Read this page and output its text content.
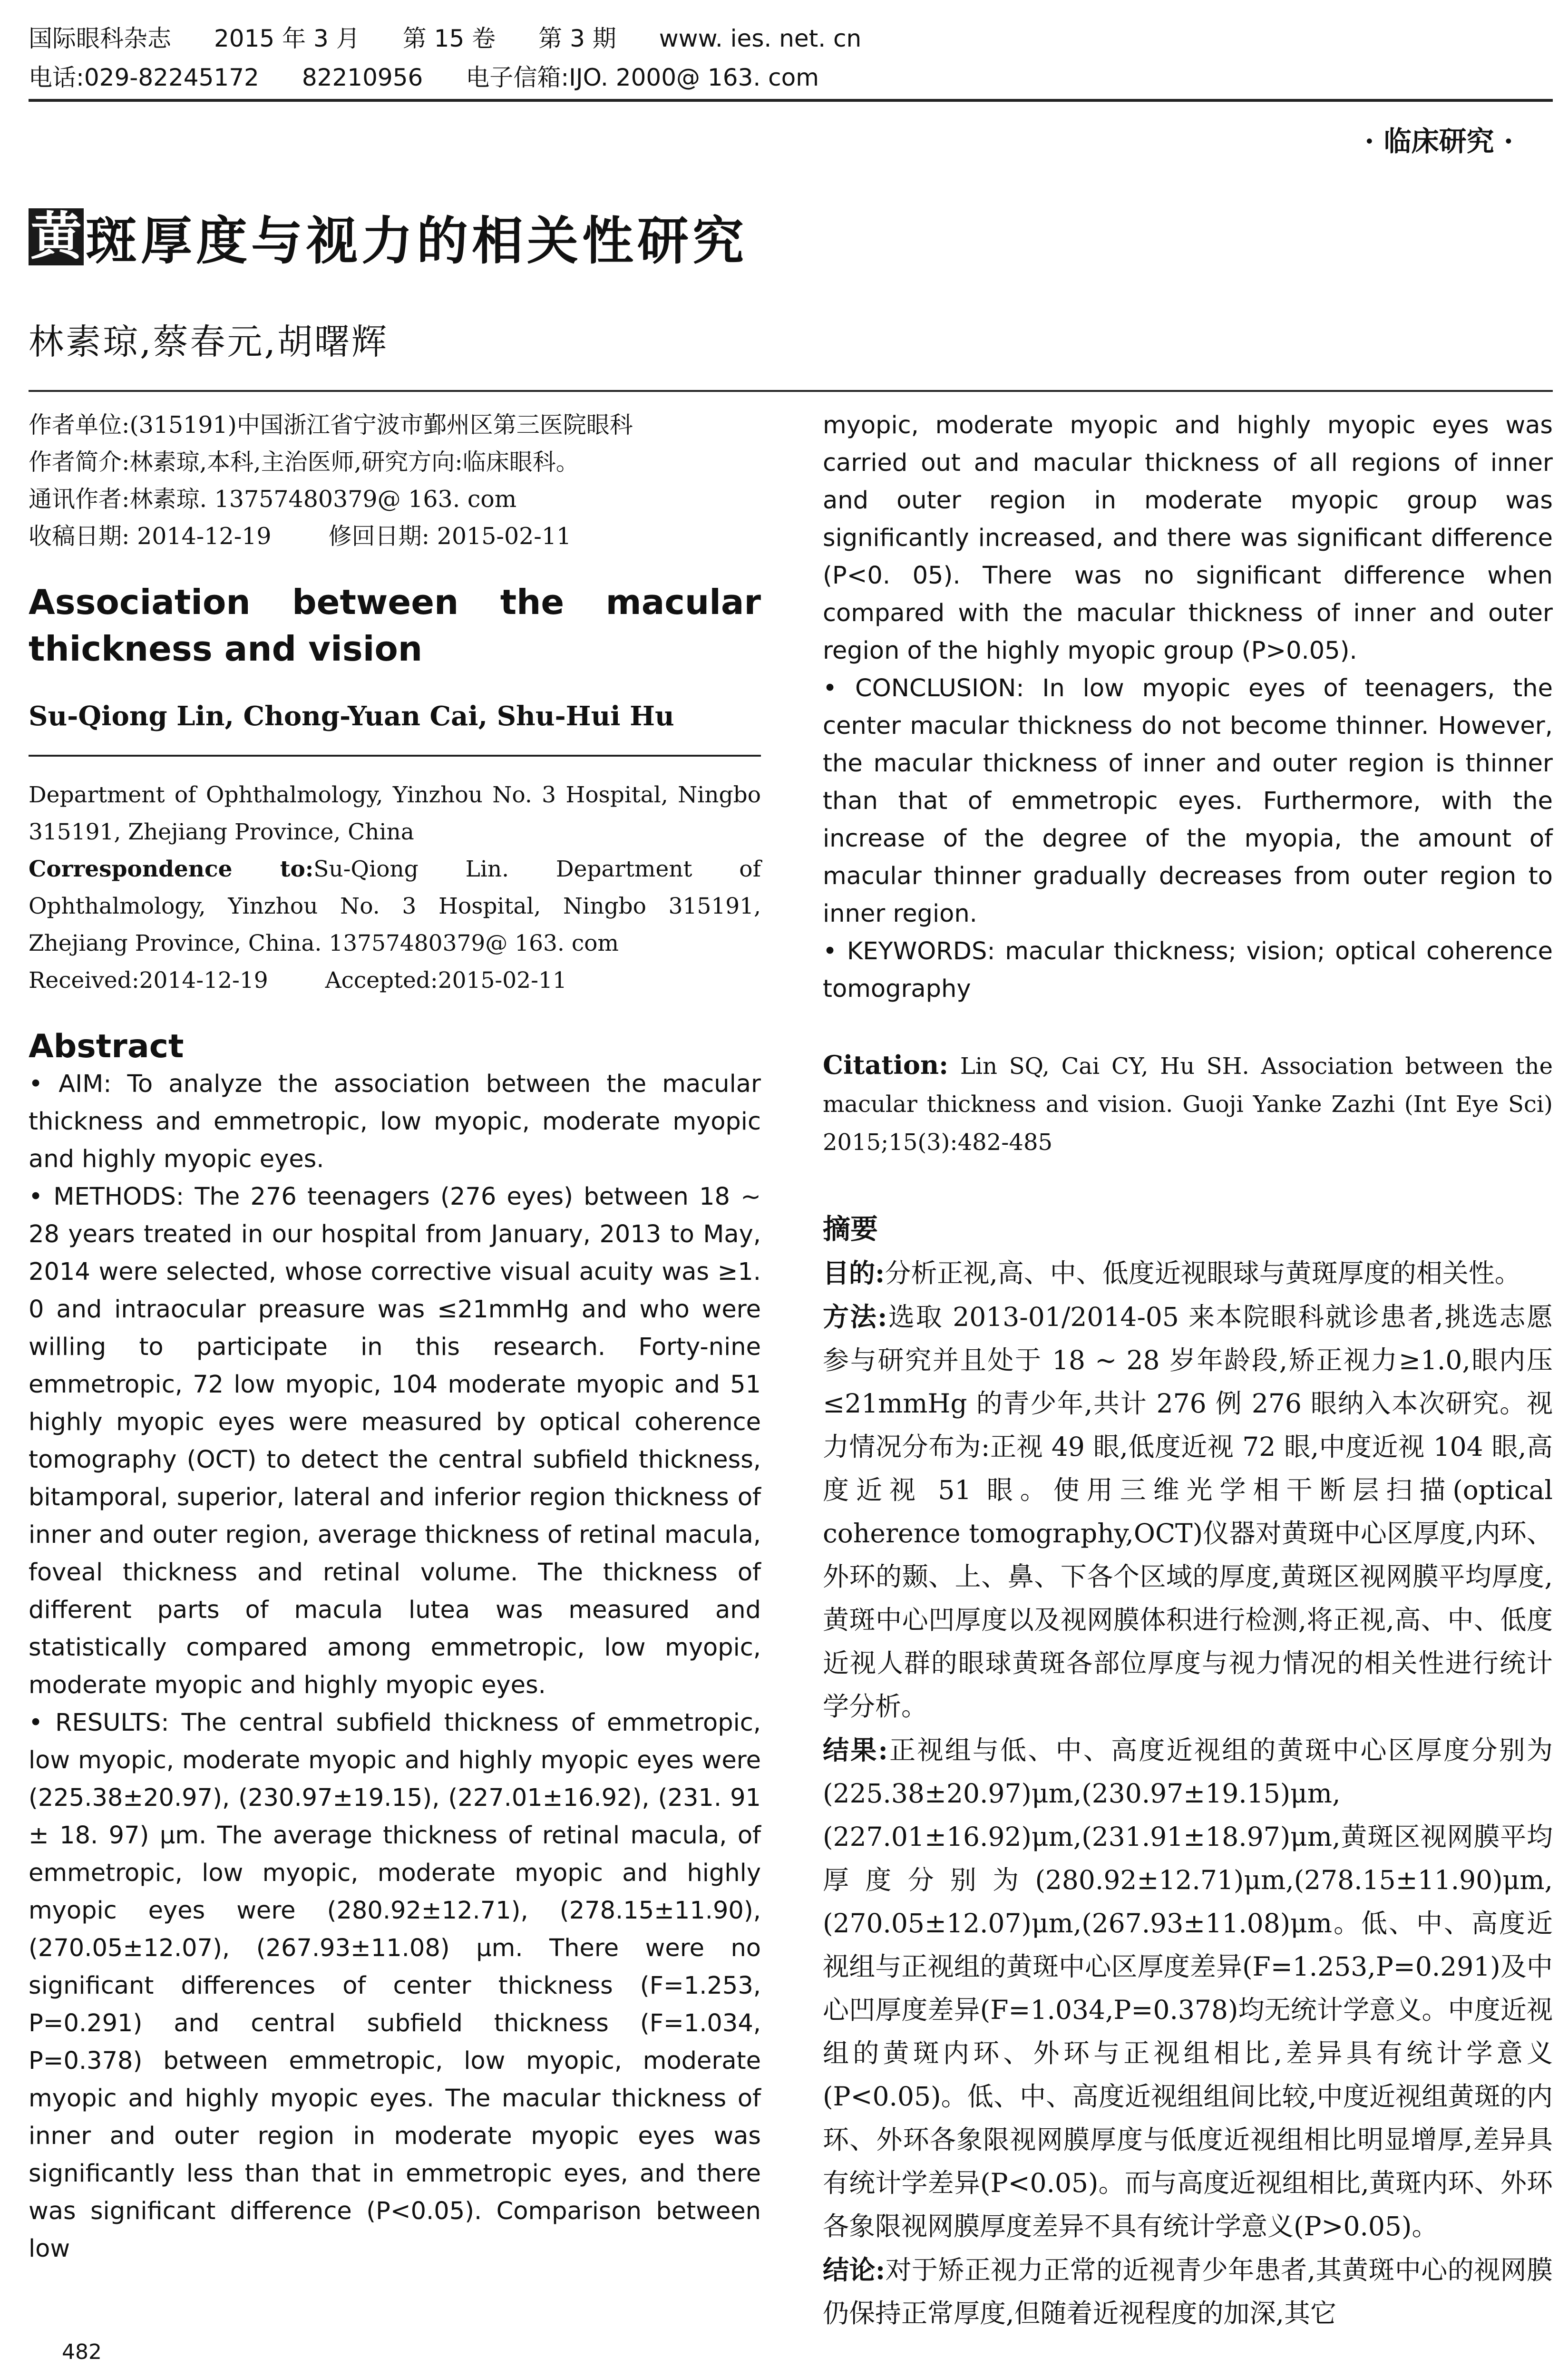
国际眼科杂志 2015 年 3 月 第 15 卷 第 3 期 www. ies. net. cn
电话:029-82245172 82210956 电子信箱:IJO. 2000@ 163. com
· 临床研究 ·
黄 斑厚度与视力的相关性研究
林素琼,蔡春元,胡曙辉
作者单位:(315191)中国浙江省宁波市鄞州区第三医院眼科
作者简介:林素琼,本科,主治医师,研究方向:临床眼科。
通讯作者:林素琼. 13757480379@ 163. com
收稿日期: 2014-12-19 修回日期: 2015-02-11
Association between the macular thickness and vision
Su-Qiong Lin, Chong-Yuan Cai, Shu-Hui Hu
Department of Ophthalmology, Yinzhou No. 3 Hospital, Ningbo 315191, Zhejiang Province, China
Correspondence to:Su-Qiong Lin. Department of Ophthalmology, Yinzhou No. 3 Hospital, Ningbo 315191, Zhejiang Province, China. 13757480379@ 163. com
Received:2014-12-19	Accepted:2015-02-11
Abstract

• AIM: To analyze the association between the macular thickness and emmetropic, low myopic, moderate myopic and highly myopic eyes.

• METHODS: The 276 teenagers (276 eyes) between 18 ~ 28 years treated in our hospital from January, 2013 to May, 2014 were selected, whose corrective visual acuity was ≥1. 0 and intraocular preasure was ≤21mmHg and who were willing to participate in this research. Forty-nine emmetropic, 72 low myopic, 104 moderate myopic and 51 highly myopic eyes were measured by optical coherence tomography (OCT) to detect the central subfield thickness, bitamporal, superior, lateral and inferior region thickness of inner and outer region, average thickness of retinal macula, foveal thickness and retinal volume. The thickness of different parts of macula lutea was measured and statistically compared among emmetropic, low myopic, moderate myopic and highly myopic eyes.

• RESULTS: The central subfield thickness of emmetropic, low myopic, moderate myopic and highly myopic eyes were (225.38±20.97), (230.97±19.15), (227.01±16.92), (231. 91 ± 18. 97) μm. The average thickness of retinal macula, of emmetropic, low myopic, moderate myopic and highly myopic eyes were (280.92±12.71), (278.15±11.90), (270.05±12.07), (267.93±11.08) μm. There were no significant differences of center thickness (F=1.253, P=0.291) and central subfield thickness (F=1.034, P=0.378) between emmetropic, low myopic, moderate myopic and highly myopic eyes. The macular thickness of inner and outer region in moderate myopic eyes was significantly less than that in emmetropic eyes, and there was significant difference (P<0.05). Comparison between low

myopic, moderate myopic and highly myopic eyes was carried out and macular thickness of all regions of inner and outer region in moderate myopic group was significantly increased, and there was significant difference (P<0. 05). There was no significant difference when compared with the macular thickness of inner and outer region of the highly myopic group (P>0.05).

• CONCLUSION: In low myopic eyes of teenagers, the center macular thickness do not become thinner. However, the macular thickness of inner and outer region is thinner than that of emmetropic eyes. Furthermore, with the increase of the degree of the myopia, the amount of macular thinner gradually decreases from outer region to inner region.

• KEYWORDS: macular thickness; vision; optical coherence tomography

Citation: Lin SQ, Cai CY, Hu SH. Association between the macular thickness and vision. Guoji Yanke Zazhi (Int Eye Sci) 2015;15(3):482-485
摘要

目的:分析正视,高、中、低度近视眼球与黄斑厚度的相关性。

方法:选取 2013-01/2014-05 来本院眼科就诊患者,挑选志愿参与研究并且处于 18 ~ 28 岁年龄段,矫正视力≥1.0,眼内压≤21mmHg 的青少年,共计 276 例 276 眼纳入本次研究。视力情况分布为:正视 49 眼,低度近视 72 眼,中度近视 104 眼,高度近视 51 眼。使用三维光学相干断层扫描(optical coherence tomography,OCT)仪器对黄斑中心区厚度,内环、外环的颞、上、鼻、下各个区域的厚度,黄斑区视网膜平均厚度,黄斑中心凹厚度以及视网膜体积进行检测,将正视,高、中、低度近视人群的眼球黄斑各部位厚度与视力情况的相关性进行统计学分析。

结果:正视组与低、中、高度近视组的黄斑中心区厚度分别为(225.38±20.97)μm,(230.97±19.15)μm,(227.01±16.92)μm,(231.91±18.97)μm,黄斑区视网膜平均厚度分别为(280.92±12.71)μm,(278.15±11.90)μm,(270.05±12.07)μm,(267.93±11.08)μm。低、中、高度近视组与正视组的黄斑中心区厚度差异(F=1.253,P=0.291)及中心凹厚度差异(F=1.034,P=0.378)均无统计学意义。中度近视组的黄斑内环、外环与正视组相比,差异具有统计学意义(P<0.05)。低、中、高度近视组组间比较,中度近视组黄斑的内环、外环各象限视网膜厚度与低度近视组相比明显增厚,差异具有统计学差异(P<0.05)。而与高度近视组相比,黄斑内环、外环各象限视网膜厚度差异不具有统计学意义(P>0.05)。

结论:对于矫正视力正常的近视青少年患者,其黄斑中心的视网膜仍保持正常厚度,但随着近视程度的加深,其它

482
